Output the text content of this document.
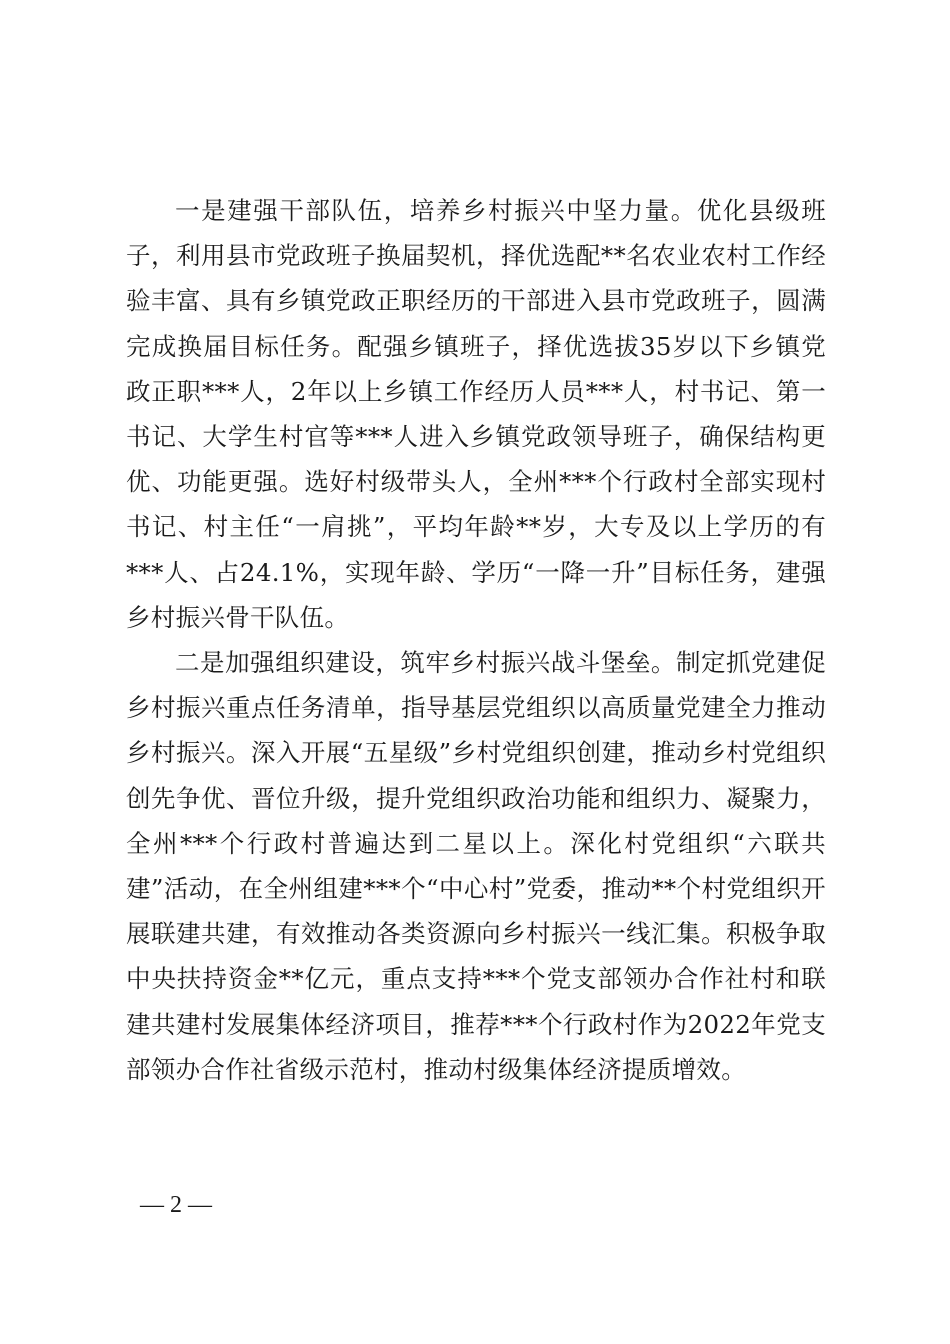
一是建强干部队伍，培养乡村振兴中坚力量。优化县级班子，利用县市党政班子换届契机，择优选配**名农业农村工作经验丰富、具有乡镇党政正职经历的干部进入县市党政班子，圆满完成换届目标任务。配强乡镇班子，择优选拔35岁以下乡镇党政正职***人，2年以上乡镇工作经历人员***人，村书记、第一书记、大学生村官等***人进入乡镇党政领导班子，确保结构更优、功能更强。选好村级带头人，全州***个行政村全部实现村书记、村主任“一肩挑”，平均年龄**岁，大专及以上学历的有***人、占24.1%，实现年龄、学历“一降一升”目标任务，建强乡村振兴骨干队伍。

二是加强组织建设，筑牢乡村振兴战斗堡垒。制定抓党建促乡村振兴重点任务清单，指导基层党组织以高质量党建全力推动乡村振兴。深入开展“五星级”乡村党组织创建，推动乡村党组织创先争优、晋位升级，提升党组织政治功能和组织力、凝聚力，全州***个行政村普遍达到二星以上。深化村党组织“六联共建”活动，在全州组建***个“中心村”党委，推动**个村党组织开展联建共建，有效推动各类资源向乡村振兴一线汇集。积极争取中央扶持资金**亿元，重点支持***个党支部领办合作社村和联建共建村发展集体经济项目，推荐***个行政村作为2022年党支部领办合作社省级示范村，推动村级集体经济提质增效。

— 2 —
